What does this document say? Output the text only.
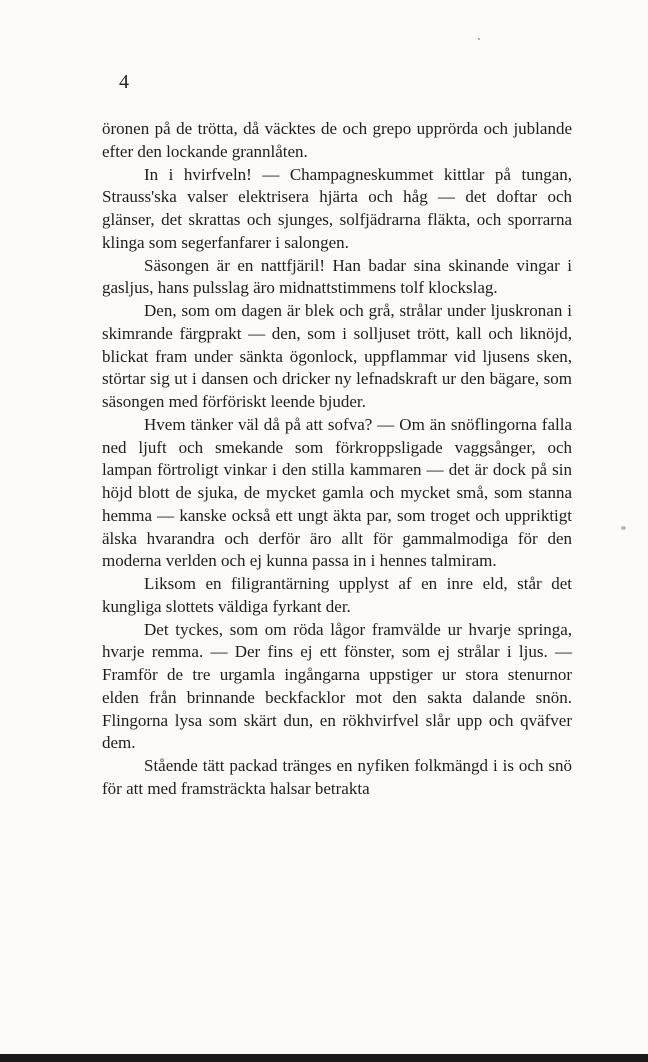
4

öronen på de trötta, då väcktes de och grepo upprörda och jublande efter den lockande grannlåten.

In i hvirfveln! — Champagneskummet kittlar på tungan, Strauss'ska valser elektrisera hjärta och håg — det doftar och glänser, det skrattas och sjunges, solfjädrarna fläkta, och sporrarna klinga som segerfanfarer i salongen.

Säsongen är en nattfjäril! Han badar sina skinande vingar i gasljus, hans pulsslag äro midnattstimmens tolf klockslag.

Den, som om dagen är blek och grå, strålar under ljuskronan i skimrande färgprakt — den, som i solljuset trött, kall och liknöjd, blickat fram under sänkta ögonlock, uppflammar vid ljusens sken, störtar sig ut i dansen och dricker ny lefnadskraft ur den bägare, som säsongen med förföriskt leende bjuder.

Hvem tänker väl då på att sofva? — Om än snöflingorna falla ned ljuft och smekande som förkroppsligade vaggsånger, och lampan förtroligt vinkar i den stilla kammaren — det är dock på sin höjd blott de sjuka, de mycket gamla och mycket små, som stanna hemma — kanske också ett ungt äkta par, som troget och uppriktigt älska hvarandra och derför äro allt för gammalmodiga för den moderna verlden och ej kunna passa in i hennes talmiram.

Liksom en filigrantärning upplyst af en inre eld, står det kungliga slottets väldiga fyrkant der.

Det tyckes, som om röda lågor framvälde ur hvarje springa, hvarje remma. — Der fins ej ett fönster, som ej strålar i ljus. — Framför de tre urgamla ingångarna uppstiger ur stora stenurnor elden från brinnande beckfacklor mot den sakta dalande snön. Flingorna lysa som skärt dun, en rökhvirfvel slår upp och qväfver dem.

Stående tätt packad tränges en nyfiken folkmängd i is och snö för att med framsträckta halsar betrakta
